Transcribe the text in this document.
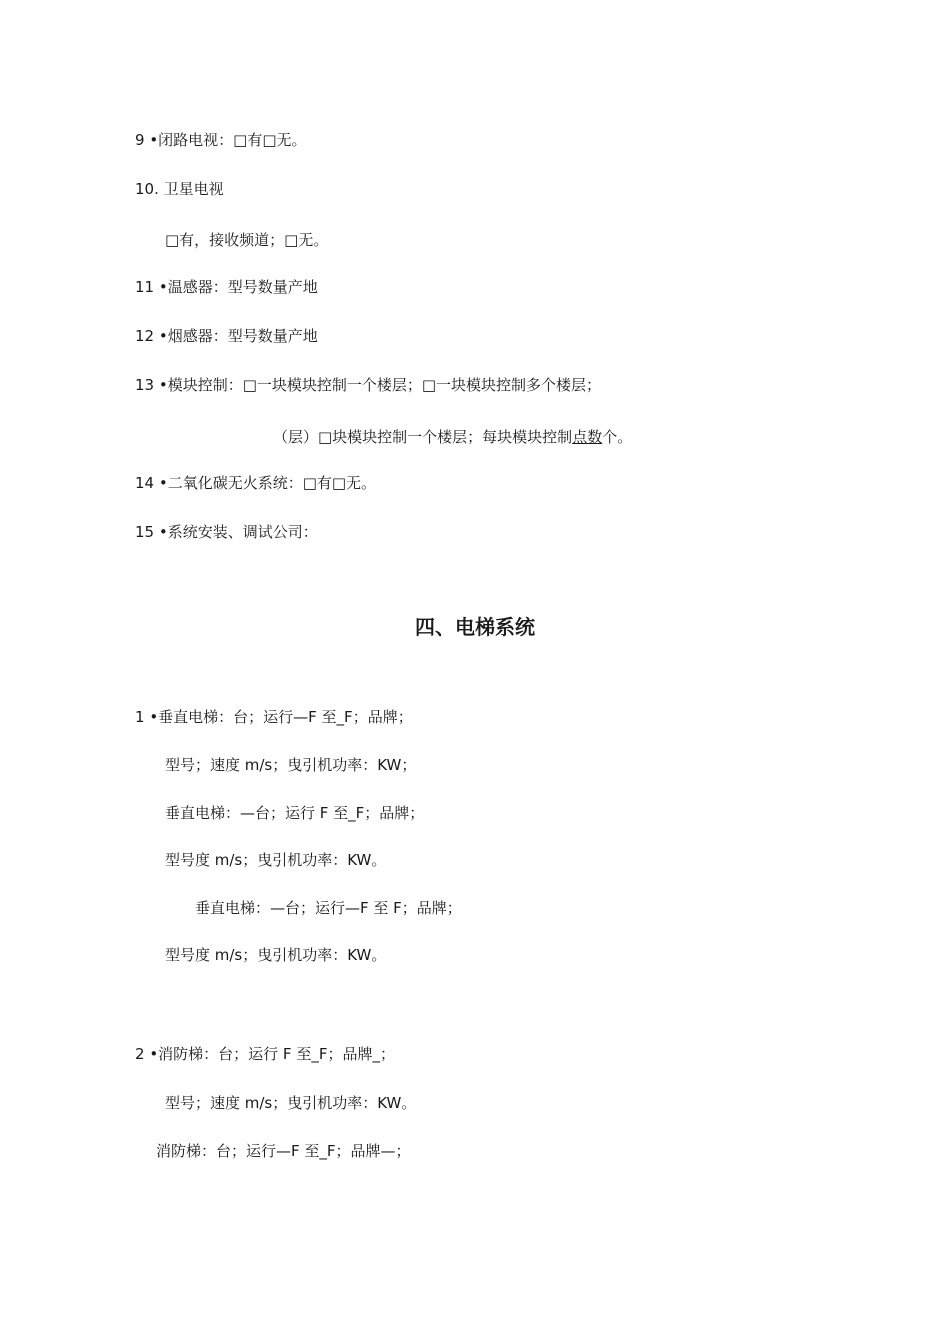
9 •闭路电视：□有□无。
10. 卫星电视
□有，接收频道；□无。
11 •温感器：型号数量产地
12 •烟感器：型号数量产地
13 •模块控制：□一块模块控制一个楼层；□一块模块控制多个楼层；
（层）□块模块控制一个楼层；每块模块控制点数个。
14 •二氧化碳无火系统：□有□无。
15 •系统安装、调试公司：
四、电梯系统
1 •垂直电梯：台；运行—F 至_F；品牌；
型号；速度 m/s；曳引机功率：KW；
垂直电梯：—台；运行 F 至_F；品牌；
型号度 m/s；曳引机功率：KW。
垂直电梯：—台；运行—F 至 F；品牌；
型号度 m/s；曳引机功率：KW。
2 •消防梯：台；运行 F 至_F；品牌_；
型号；速度 m/s；曳引机功率：KW。
消防梯：台；运行—F 至_F；品牌—；
